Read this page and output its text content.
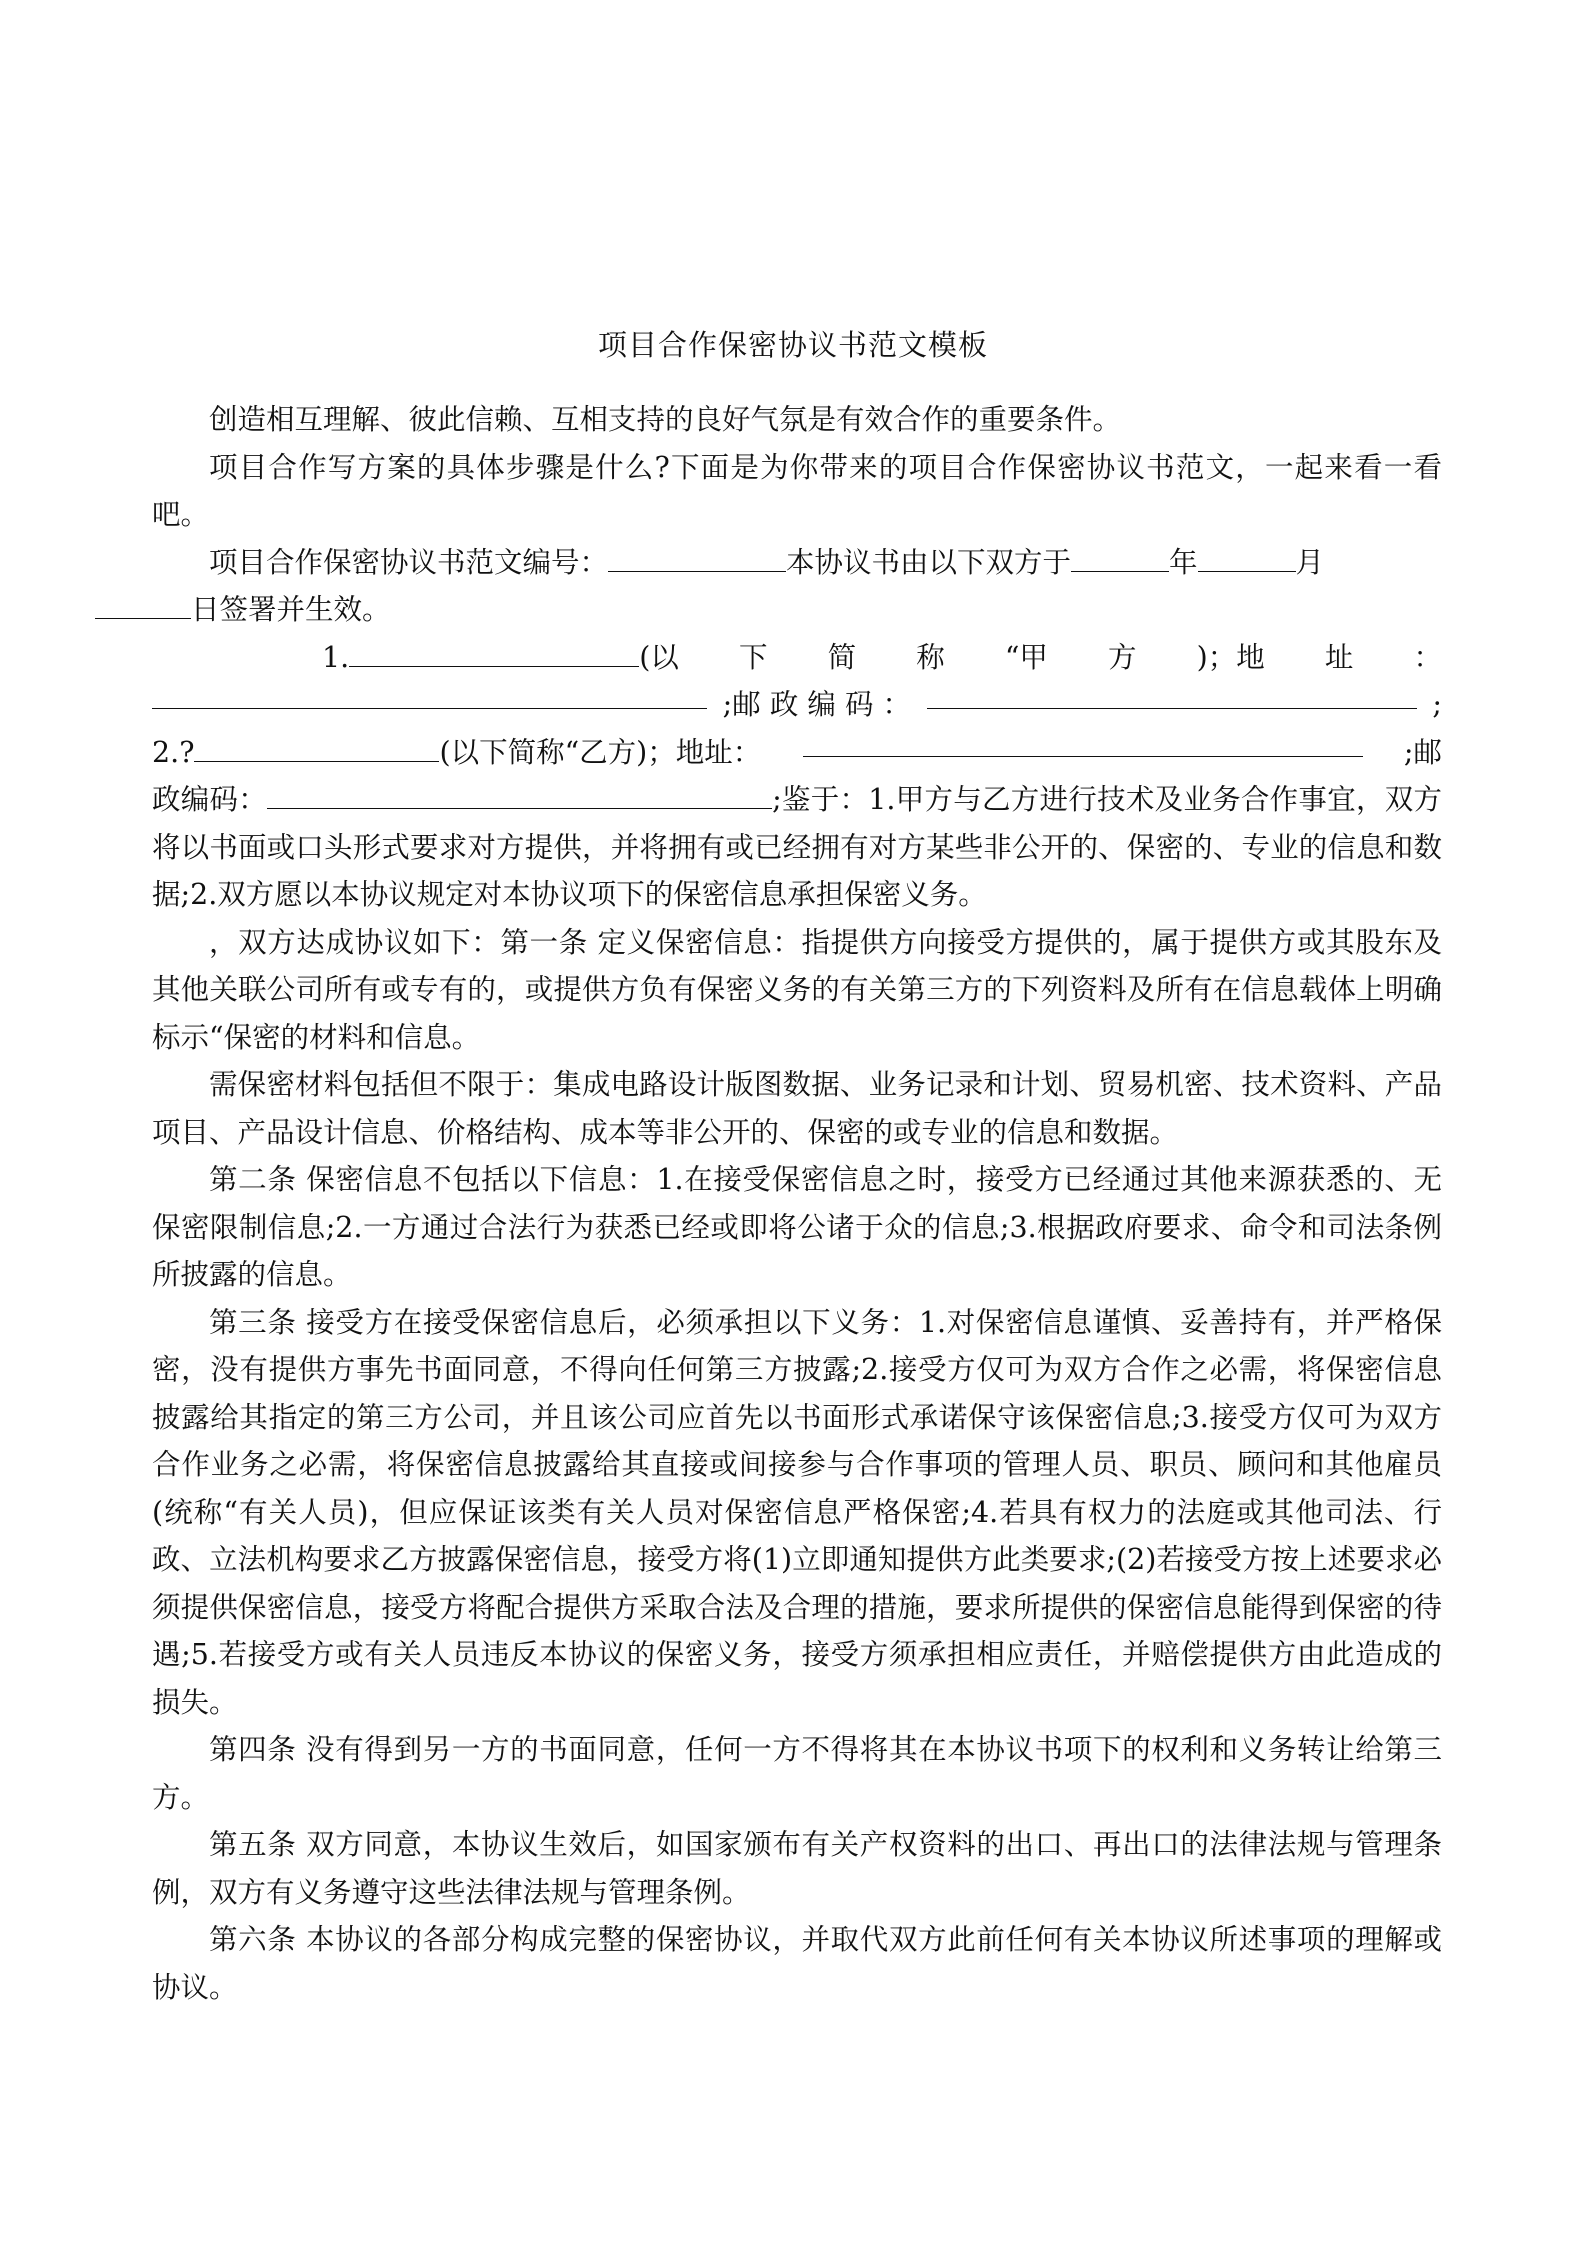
项目合作保密协议书范文模板

创造相互理解、彼此信赖、互相支持的良好气氛是有效合作的重要条件。

项目合作写方案的具体步骤是什么?下面是为你带来的项目合作保密协议书范文，一起来看一看吧。

项目合作保密协议书范文编号：	本协议书由以下双方于	年	月
日签署并生效。

1.	(以 下 简 称 “甲 方 )；地 址 ：
;邮 政 编 码 ：	;
2.?	(以下简称“乙方)；地址：	;邮

政编码：	;鉴于：1.甲方与乙方进行技术及业务合作事宜，双方将以书面或口头形式要求对方提供，并将拥有或已经拥有对方某些非公开的、保密的、专业的信息和数据;2.双方愿以本协议规定对本协议项下的保密信息承担保密义务。

，双方达成协议如下：第一条 定义保密信息：指提供方向接受方提供的，属于提供方或其股东及其他关联公司所有或专有的，或提供方负有保密义务的有关第三方的下列资料及所有在信息载体上明确标示“保密的材料和信息。

需保密材料包括但不限于：集成电路设计版图数据、业务记录和计划、贸易机密、技术资料、产品项目、产品设计信息、价格结构、成本等非公开的、保密的或专业的信息和数据。

第二条 保密信息不包括以下信息：1.在接受保密信息之时，接受方已经通过其他来源获悉的、无保密限制信息;2.一方通过合法行为获悉已经或即将公诸于众的信息;3.根据政府要求、命令和司法条例所披露的信息。

第三条 接受方在接受保密信息后，必须承担以下义务：1.对保密信息谨慎、妥善持有，并严格保密，没有提供方事先书面同意，不得向任何第三方披露;2.接受方仅可为双方合作之必需，将保密信息披露给其指定的第三方公司，并且该公司应首先以书面形式承诺保守该保密信息;3.接受方仅可为双方合作业务之必需，将保密信息披露给其直接或间接参与合作事项的管理人员、职员、顾问和其他雇员(统称“有关人员)，但应保证该类有关人员对保密信息严格保密;4.若具有权力的法庭或其他司法、行政、立法机构要求乙方披露保密信息，接受方将(1)立即通知提供方此类要求;(2)若接受方按上述要求必须提供保密信息，接受方将配合提供方采取合法及合理的措施，要求所提供的保密信息能得到保密的待遇;5.若接受方或有关人员违反本协议的保密义务，接受方须承担相应责任，并赔偿提供方由此造成的损失。

第四条 没有得到另一方的书面同意，任何一方不得将其在本协议书项下的权利和义务转让给第三方。

第五条 双方同意，本协议生效后，如国家颁布有关产权资料的出口、再出口的法律法规与管理条例，双方有义务遵守这些法律法规与管理条例。

第六条 本协议的各部分构成完整的保密协议，并取代双方此前任何有关本协议所述事项的理解或协议。
